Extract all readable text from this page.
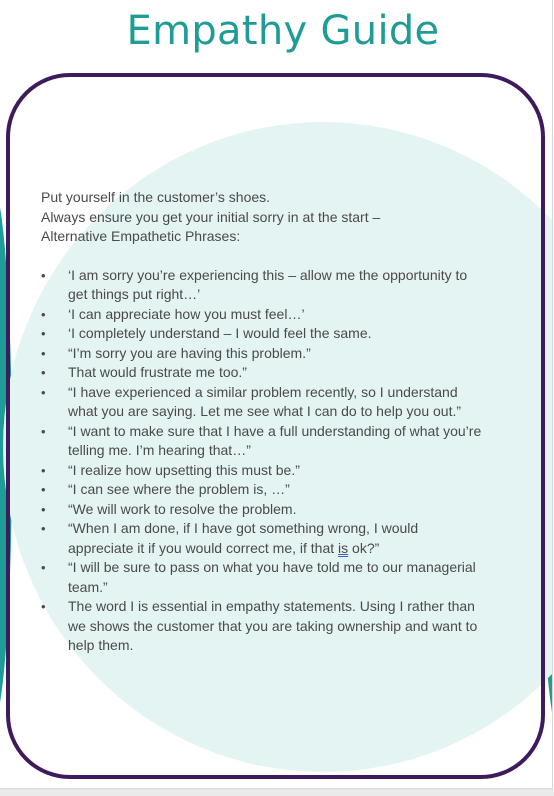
Empathy Guide
Put yourself in the customer’s shoes.
Always ensure you get your initial sorry in at the start –
Alternative Empathetic Phrases:
•	‘I am sorry you’re experiencing this – allow me the opportunity to
get things put right…’
•	‘I can appreciate how you must feel…’
•	‘I completely understand – I would feel the same.
•	“I’m sorry you are having this problem.”
•	That would frustrate me too.”
•	“I have experienced a similar problem recently, so I understand
what you are saying. Let me see what I can do to help you out.”
•	“I want to make sure that I have a full understanding of what you’re
telling me. I’m hearing that…”
•	“I realize how upsetting this must be.”
•	“I can see where the problem is, …”
•	“We will work to resolve the problem.
•	“When I am done, if I have got something wrong, I would
appreciate it if you would correct me, if that is ok?”
•	“I will be sure to pass on what you have told me to our managerial
team.”
•	The word I is essential in empathy statements. Using I rather than
we shows the customer that you are taking ownership and want to
help them.
